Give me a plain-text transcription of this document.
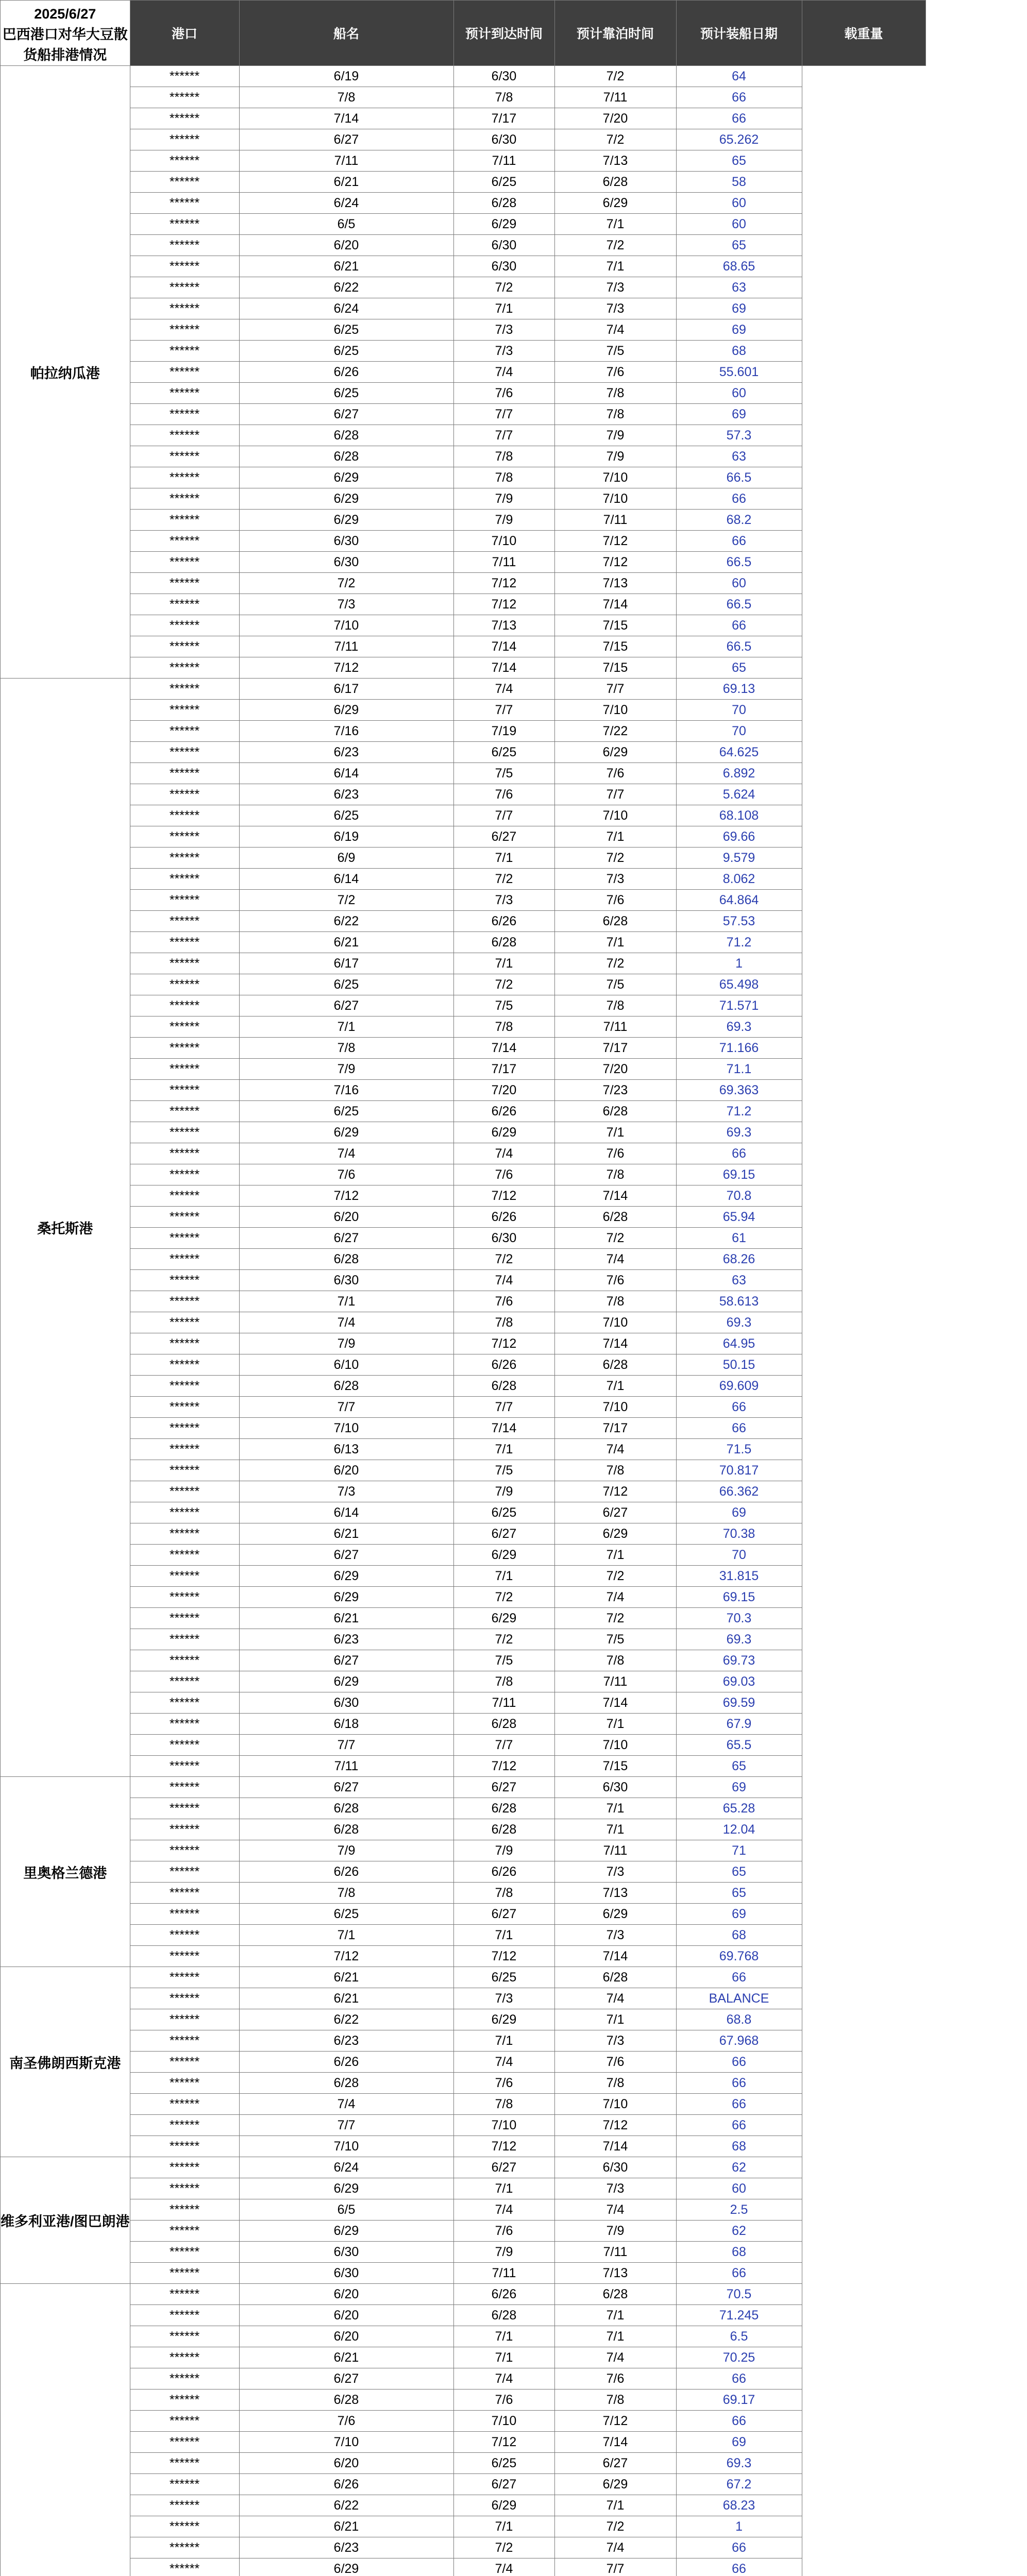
2025/6/27
巴西港口对华大豆散货船排港情况	港口	船名	预计到达时间	预计靠泊时间	预计装船日期	载重量
帕拉纳瓜港	******	6/19	6/30	7/2	64	
	******	7/8	7/8	7/11	66	
	******	7/14	7/17	7/20	66	
	******	6/27	6/30	7/2	65.262	
	******	7/11	7/11	7/13	65	
	******	6/21	6/25	6/28	58	
	******	6/24	6/28	6/29	60	
	******	6/5	6/29	7/1	60	
	******	6/20	6/30	7/2	65	
	******	6/21	6/30	7/1	68.65	
	******	6/22	7/2	7/3	63	
	******	6/24	7/1	7/3	69	
	******	6/25	7/3	7/4	69	
	******	6/25	7/3	7/5	68	
	******	6/26	7/4	7/6	55.601	
	******	6/25	7/6	7/8	60	
	******	6/27	7/7	7/8	69	
	******	6/28	7/7	7/9	57.3	
	******	6/28	7/8	7/9	63	
	******	6/29	7/8	7/10	66.5	
	******	6/29	7/9	7/10	66	
	******	6/29	7/9	7/11	68.2	
	******	6/30	7/10	7/12	66	
	******	6/30	7/11	7/12	66.5	
	******	7/2	7/12	7/13	60	
	******	7/3	7/12	7/14	66.5	
	******	7/10	7/13	7/15	66	
	******	7/11	7/14	7/15	66.5	
	******	7/12	7/14	7/15	65	
桑托斯港	******	6/17	7/4	7/7	69.13	
	******	6/29	7/7	7/10	70	
	******	7/16	7/19	7/22	70	
	******	6/23	6/25	6/29	64.625	
	******	6/14	7/5	7/6	6.892	
	******	6/23	7/6	7/7	5.624	
	******	6/25	7/7	7/10	68.108	
	******	6/19	6/27	7/1	69.66	
	******	6/9	7/1	7/2	9.579	
	******	6/14	7/2	7/3	8.062	
	******	7/2	7/3	7/6	64.864	
	******	6/22	6/26	6/28	57.53	
	******	6/21	6/28	7/1	71.2	
	******	6/17	7/1	7/2	1	
	******	6/25	7/2	7/5	65.498	
	******	6/27	7/5	7/8	71.571	
	******	7/1	7/8	7/11	69.3	
	******	7/8	7/14	7/17	71.166	
	******	7/9	7/17	7/20	71.1	
	******	7/16	7/20	7/23	69.363	
	******	6/25	6/26	6/28	71.2	
	******	6/29	6/29	7/1	69.3	
	******	7/4	7/4	7/6	66	
	******	7/6	7/6	7/8	69.15	
	******	7/12	7/12	7/14	70.8	
	******	6/20	6/26	6/28	65.94	
	******	6/27	6/30	7/2	61	
	******	6/28	7/2	7/4	68.26	
	******	6/30	7/4	7/6	63	
	******	7/1	7/6	7/8	58.613	
	******	7/4	7/8	7/10	69.3	
	******	7/9	7/12	7/14	64.95	
	******	6/10	6/26	6/28	50.15	
	******	6/28	6/28	7/1	69.609	
	******	7/7	7/7	7/10	66	
	******	7/10	7/14	7/17	66	
	******	6/13	7/1	7/4	71.5	
	******	6/20	7/5	7/8	70.817	
	******	7/3	7/9	7/12	66.362	
	******	6/14	6/25	6/27	69	
	******	6/21	6/27	6/29	70.38	
	******	6/27	6/29	7/1	70	
	******	6/29	7/1	7/2	31.815	
	******	6/29	7/2	7/4	69.15	
	******	6/21	6/29	7/2	70.3	
	******	6/23	7/2	7/5	69.3	
	******	6/27	7/5	7/8	69.73	
	******	6/29	7/8	7/11	69.03	
	******	6/30	7/11	7/14	69.59	
	******	6/18	6/28	7/1	67.9	
	******	7/7	7/7	7/10	65.5	
	******	7/11	7/12	7/15	65	
里奥格兰德港	******	6/27	6/27	6/30	69	
	******	6/28	6/28	7/1	65.28	
	******	6/28	6/28	7/1	12.04	
	******	7/9	7/9	7/11	71	
	******	6/26	6/26	7/3	65	
	******	7/8	7/8	7/13	65	
	******	6/25	6/27	6/29	69	
	******	7/1	7/1	7/3	68	
	******	7/12	7/12	7/14	69.768	
南圣佛朗西斯克港	******	6/21	6/25	6/28	66	
	******	6/21	7/3	7/4	BALANCE	
	******	6/22	6/29	7/1	68.8	
	******	6/23	7/1	7/3	67.968	
	******	6/26	7/4	7/6	66	
	******	6/28	7/6	7/8	66	
	******	7/4	7/8	7/10	66	
	******	7/7	7/10	7/12	66	
	******	7/10	7/12	7/14	68	
维多利亚港/图巴朗港	******	6/24	6/27	6/30	62	
	******	6/29	7/1	7/3	60	
	******	6/5	7/4	7/4	2.5	
	******	6/29	7/6	7/9	62	
	******	6/30	7/9	7/11	68	
	******	6/30	7/11	7/13	66	
	******	6/20	6/26	6/28	70.5	
	******	6/20	6/28	7/1	71.245	
	******	6/20	7/1	7/1	6.5	
	******	6/21	7/1	7/4	70.25	
	******	6/27	7/4	7/6	66	
	******	6/28	7/6	7/8	69.17	
	******	7/6	7/10	7/12	66	
	******	7/10	7/12	7/14	69	
	******	6/20	6/25	6/27	69.3	
	******	6/26	6/27	6/29	67.2	
	******	6/22	6/29	7/1	68.23	
	******	6/21	7/1	7/2	1	
	******	6/23	7/2	7/4	66	
	******	6/29	7/4	7/7	66	
